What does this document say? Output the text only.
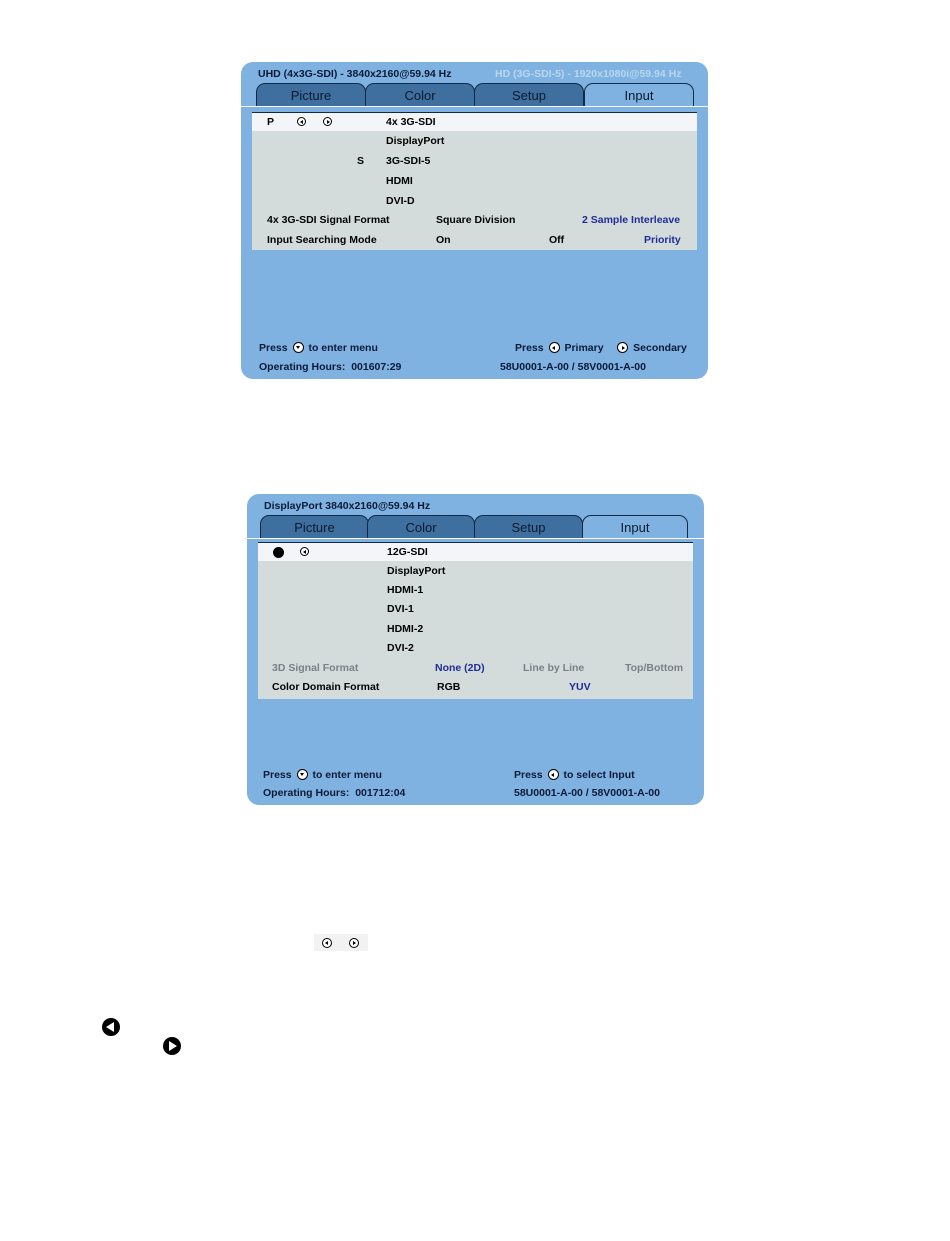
UHD (4x3G-SDI) - 3840x2160@59.94 Hz	HD (3G-SDI-5) - 1920x1080i@59.94 Hz
Picture	Color	Setup	Input
P	4x 3G-SDI
DisplayPort
S 3G-SDI-5
HDMI
DVI-D
4x 3G-SDI Signal Format	Square Division	2 Sample Interleave
Input Searching Mode	On	Off	Priority
Press to enter menu	Press Primary	Secondary
Operating Hours: 001607:29	58U0001-A-00 / 58V0001-A-00
DisplayPort 3840x2160@59.94 Hz
Picture	Color	Setup	Input
12G-SDI
DisplayPort
HDMI-1
DVI-1
HDMI-2
DVI-2
3D Signal Format	None (2D)	Line by Line	Top/Bottom
Color Domain Format	RGB	YUV
Press to enter menu	Press to select Input
Operating Hours: 001712:04	58U0001-A-00 / 58V0001-A-00
